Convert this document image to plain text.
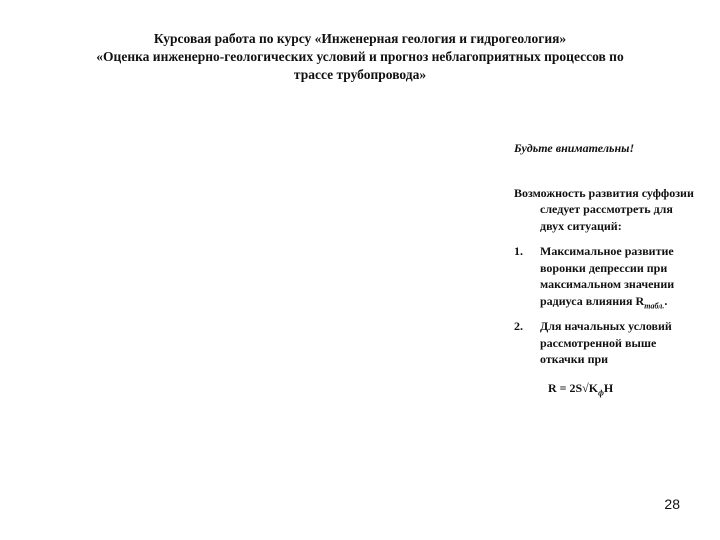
Курсовая работа по курсу «Инженерная геология и гидрогеология»
«Оценка инженерно-геологических условий и прогноз неблагоприятных процессов по
трассе трубопровода»

Будьте внимательны!

Возможность развития суффозии следует рассмотреть для двух ситуаций:

1.	Максимальное развитие воронки депрессии при максимальном значении радиуса влияния $R_{табл.}$.
2.	Для начальных условий рассмотренной выше откачки при
$R = 2S√K_фH$
28
